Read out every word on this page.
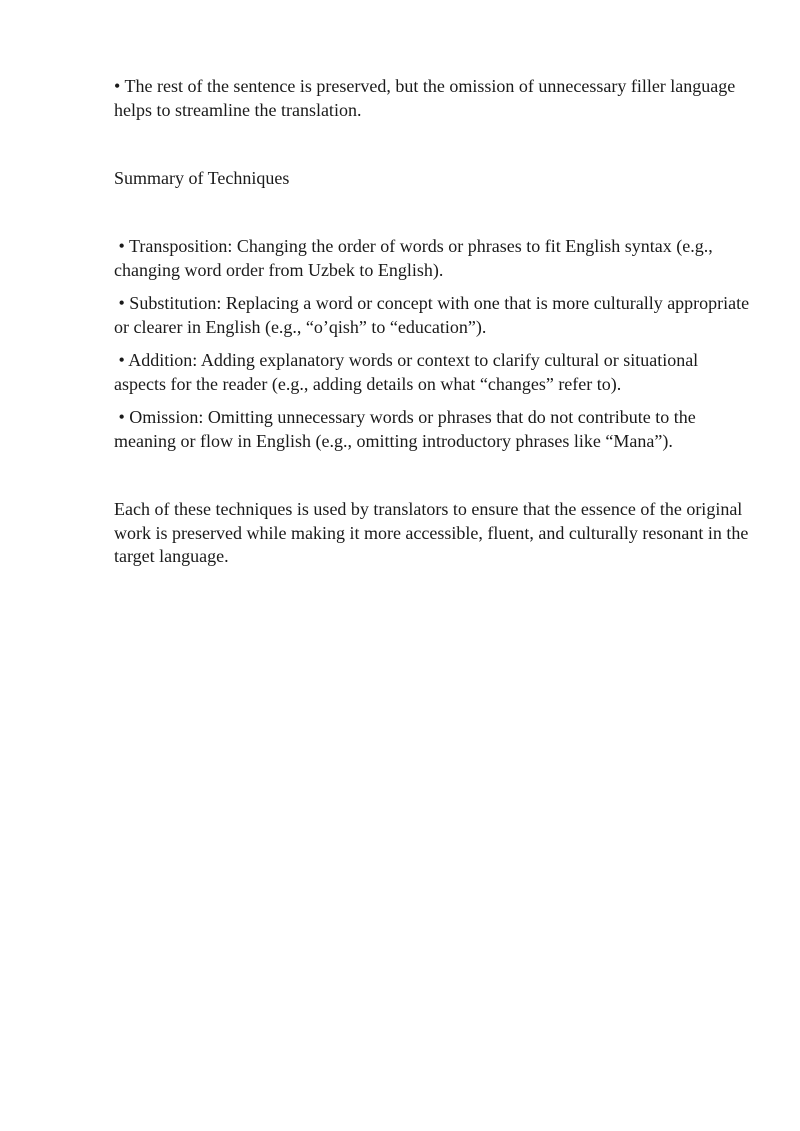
• The rest of the sentence is preserved, but the omission of unnecessary filler language helps to streamline the translation.

Summary of Techniques

• Transposition: Changing the order of words or phrases to fit English syntax (e.g., changing word order from Uzbek to English).

• Substitution: Replacing a word or concept with one that is more culturally appropriate or clearer in English (e.g., “o’qish” to “education”).

• Addition: Adding explanatory words or context to clarify cultural or situational aspects for the reader (e.g., adding details on what “changes” refer to).

• Omission: Omitting unnecessary words or phrases that do not contribute to the meaning or flow in English (e.g., omitting introductory phrases like “Mana”).

Each of these techniques is used by translators to ensure that the essence of the original work is preserved while making it more accessible, fluent, and culturally resonant in the target language.
